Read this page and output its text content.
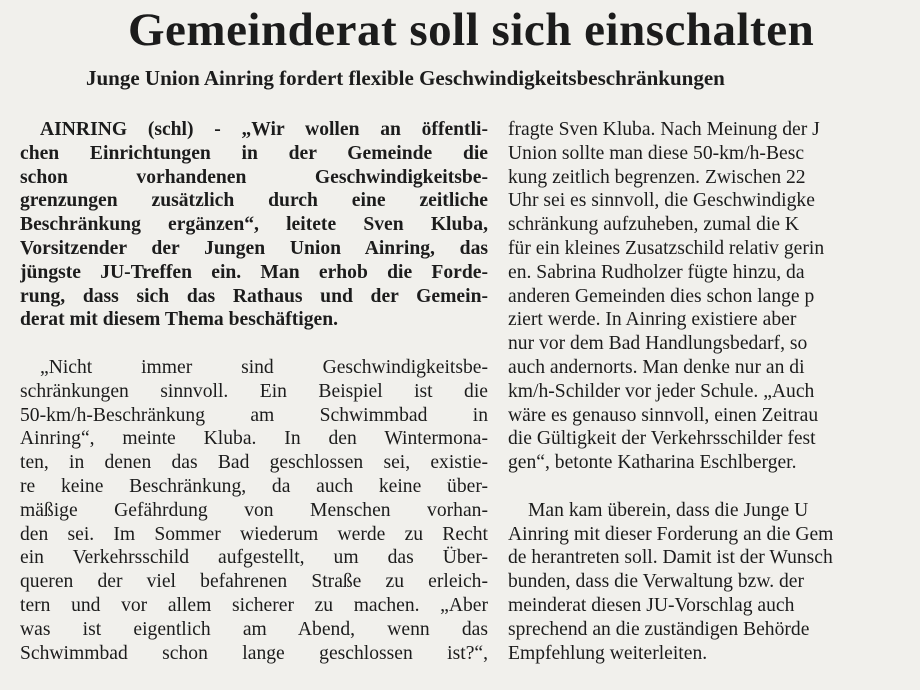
Gemeinderat soll sich einschalten
Junge Union Ainring fordert flexible Geschwindigkeitsbeschränkungen
AINRING (schl) - „Wir wollen an öffentli-
chen Einrichtungen in der Gemeinde die
schon vorhandenen Geschwindigkeitsbe-
grenzungen zusätzlich durch eine zeitliche
Beschränkung ergänzen“, leitete Sven Kluba,
Vorsitzender der Jungen Union Ainring, das
jüngste JU-Treffen ein. Man erhob die Forde-
rung, dass sich das Rathaus und der Gemein-
derat mit diesem Thema beschäftigen.
„Nicht immer sind Geschwindigkeitsbe-
schränkungen sinnvoll. Ein Beispiel ist die
50-km/h-Beschränkung am Schwimmbad in
Ainring“, meinte Kluba. In den Wintermona-
ten, in denen das Bad geschlossen sei, existie-
re keine Beschränkung, da auch keine über-
mäßige Gefährdung von Menschen vorhan-
den sei. Im Sommer wiederum werde zu Recht
ein Verkehrsschild aufgestellt, um das Über-
queren der viel befahrenen Straße zu erleich-
tern und vor allem sicherer zu machen. „Aber
was ist eigentlich am Abend, wenn das
Schwimmbad schon lange geschlossen ist?“,
fragte Sven Kluba. Nach Meinung der J
Union sollte man diese 50-km/h-Besc
kung zeitlich begrenzen. Zwischen 22
Uhr sei es sinnvoll, die Geschwindigke
schränkung aufzuheben, zumal die K
für ein kleines Zusatzschild relativ gerin
en. Sabrina Rudholzer fügte hinzu, da
anderen Gemeinden dies schon lange p
ziert werde. In Ainring existiere aber
nur vor dem Bad Handlungsbedarf, so
auch andernorts. Man denke nur an di
km/h-Schilder vor jeder Schule. „Auch
wäre es genauso sinnvoll, einen Zeitrau
die Gültigkeit der Verkehrsschilder fest
gen“, betonte Katharina Eschlberger.
Man kam überein, dass die Junge U
Ainring mit dieser Forderung an die Gem
de herantreten soll. Damit ist der Wunsch
bunden, dass die Verwaltung bzw. der
meinderat diesen JU-Vorschlag auch
sprechend an die zuständigen Behörde
Empfehlung weiterleiten.
